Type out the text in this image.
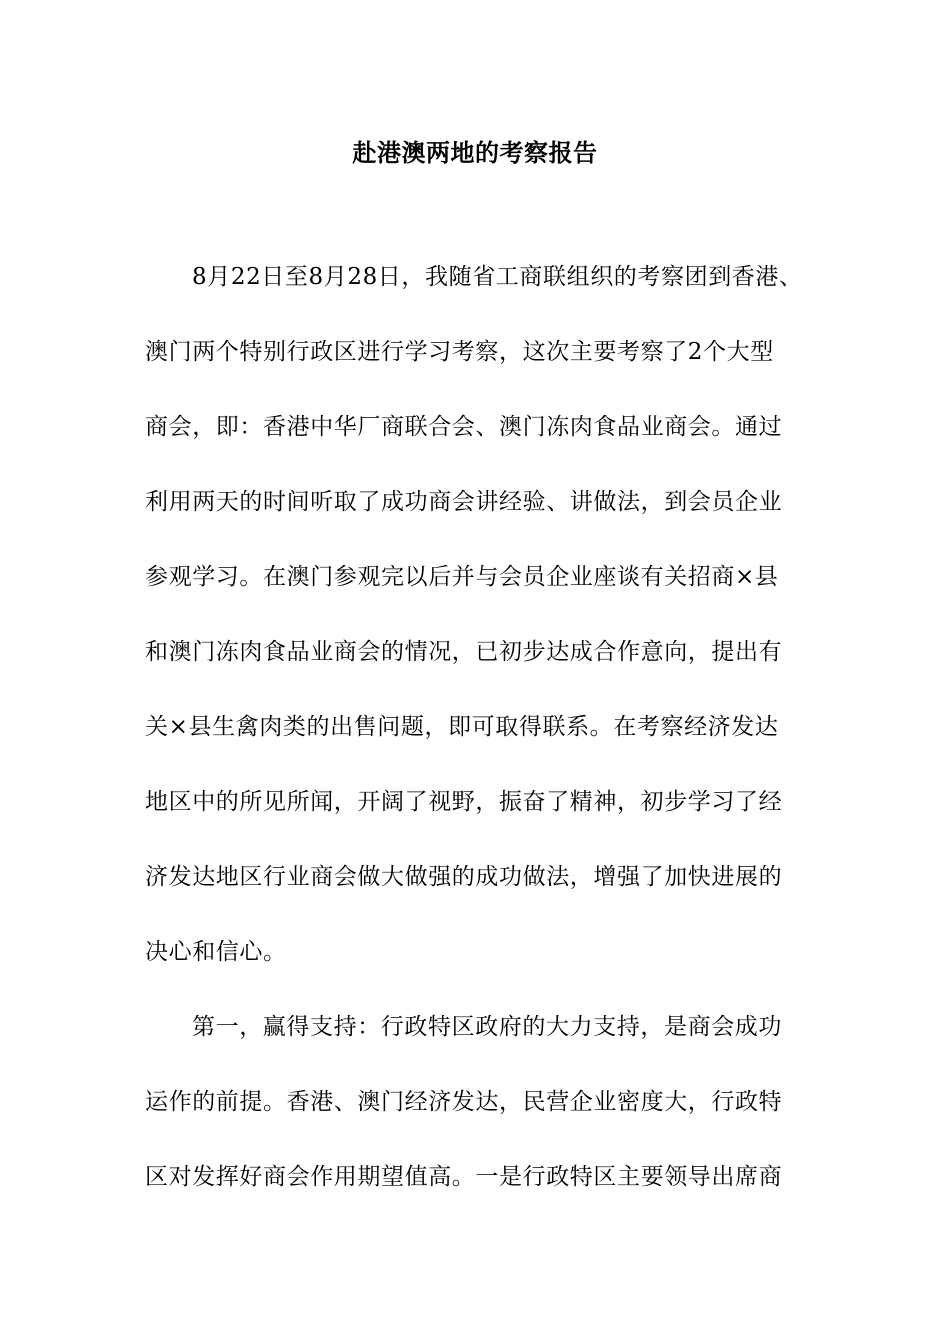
赴港澳两地的考察报告

8月22日至8月28日，我随省工商联组织的考察团到香港、

澳门两个特别行政区进行学习考察，这次主要考察了2个大型

商会，即：香港中华厂商联合会、澳门冻肉食品业商会。通过

利用两天的时间听取了成功商会讲经验、讲做法，到会员企业

参观学习。在澳门参观完以后并与会员企业座谈有关招商×县

和澳门冻肉食品业商会的情况，已初步达成合作意向，提出有

关×县生禽肉类的出售问题，即可取得联系。在考察经济发达

地区中的所见所闻，开阔了视野，振奋了精神，初步学习了经

济发达地区行业商会做大做强的成功做法，增强了加快进展的

决心和信心。

第一，赢得支持：行政特区政府的大力支持，是商会成功

运作的前提。香港、澳门经济发达，民营企业密度大，行政特

区对发挥好商会作用期望值高。一是行政特区主要领导出席商
